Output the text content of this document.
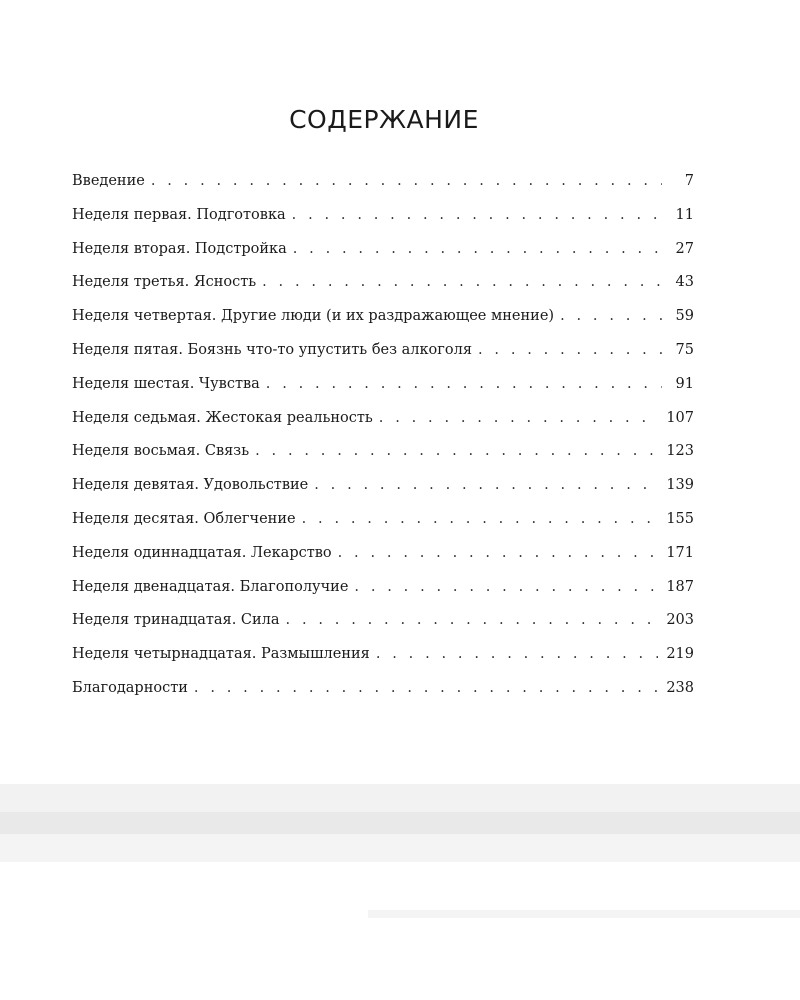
СОДЕРЖАНИЕ
Введение . . .	7
Неделя первая. Подготовка . . .	11
Неделя вторая. Подстройка . . .	27
Неделя третья. Ясность . . .	43
Неделя четвертая. Другие люди (и их раздражающее мнение) . . .	59
Неделя пятая. Боязнь что-то упустить без алкоголя . . .	75
Неделя шестая. Чувства . . .	91
Неделя седьмая. Жестокая реальность . . .	107
Неделя восьмая. Связь . . .	123
Неделя девятая. Удовольствие . . .	139
Неделя десятая. Облегчение . . .	155
Неделя одиннадцатая. Лекарство . . .	171
Неделя двенадцатая. Благополучие . . .	187
Неделя тринадцатая. Сила . . .	203
Неделя четырнадцатая. Размышления . . .	219
Благодарности . . .	238
